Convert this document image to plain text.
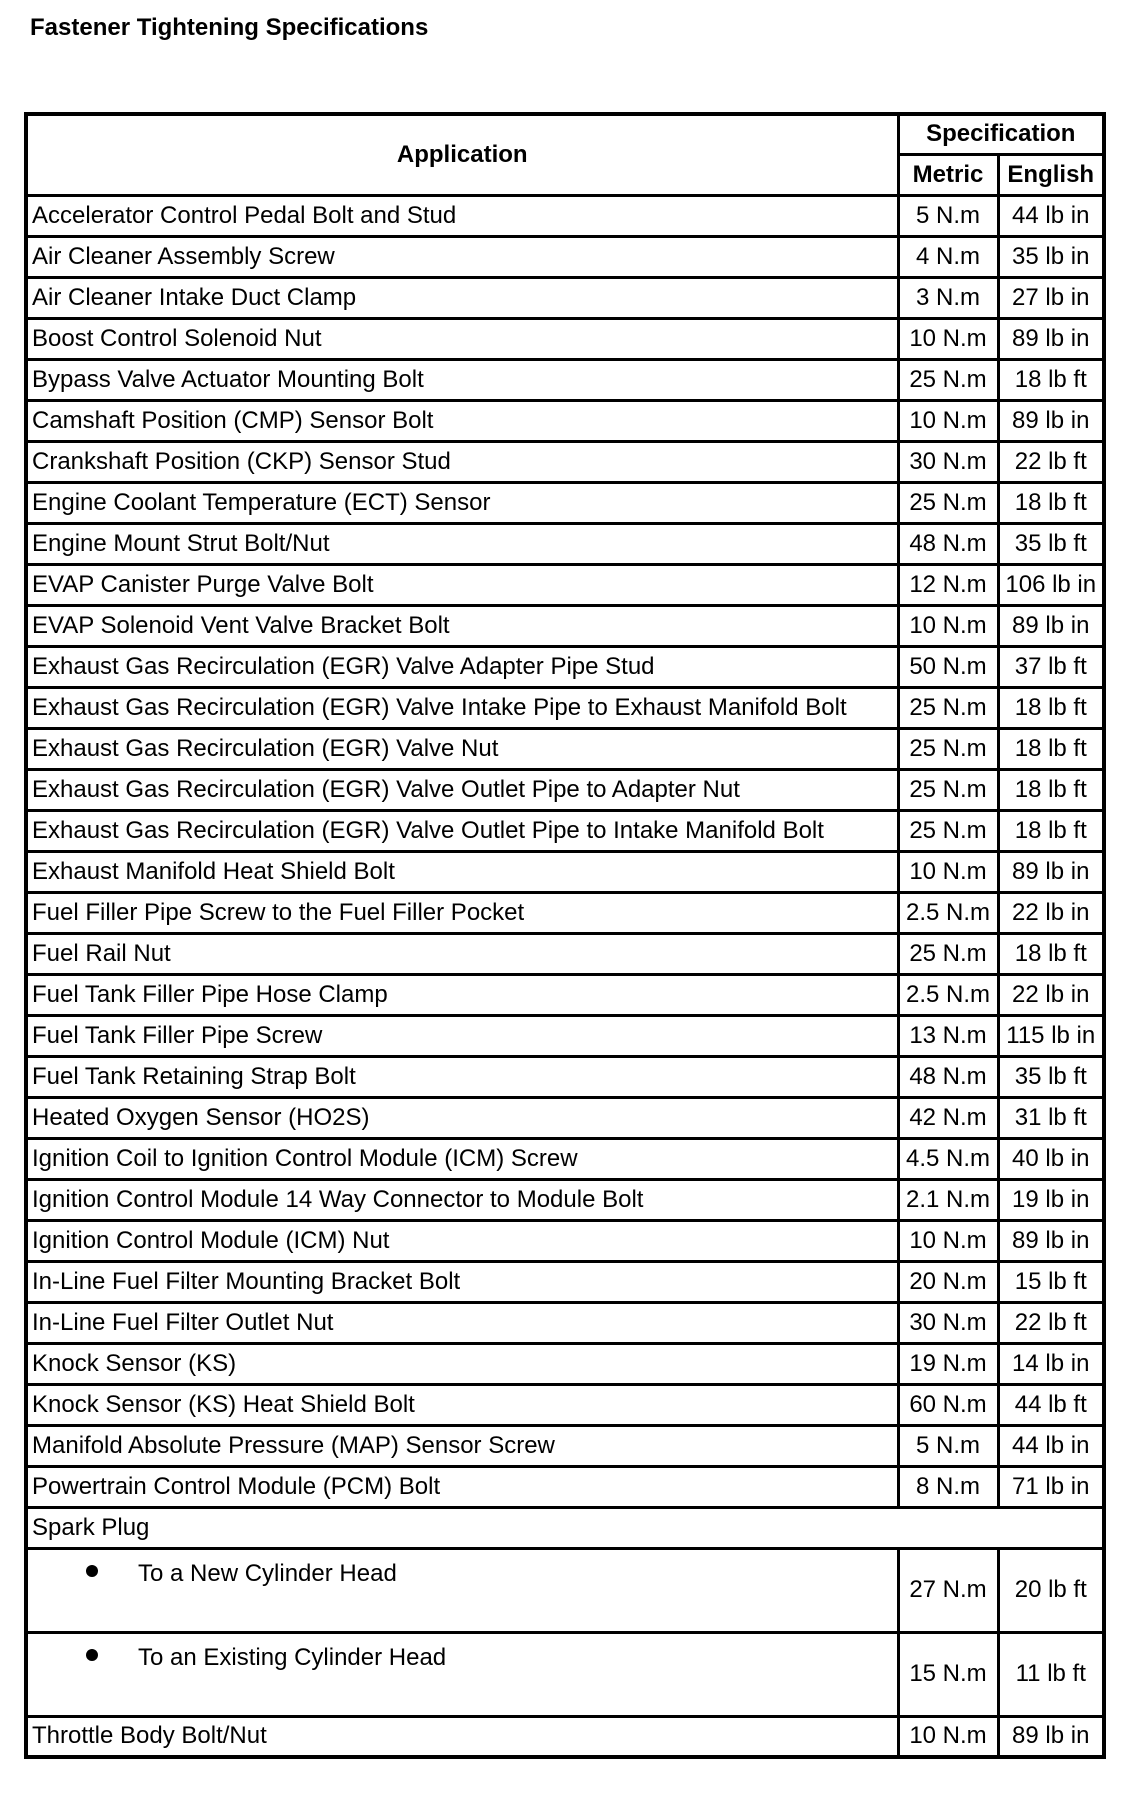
Fastener Tightening Specifications
Application	Specification	
	Metric	English
Accelerator Control Pedal Bolt and Stud	5 N.m	44 lb in
Air Cleaner Assembly Screw	4 N.m	35 lb in
Air Cleaner Intake Duct Clamp	3 N.m	27 lb in
Boost Control Solenoid Nut	10 N.m	89 lb in
Bypass Valve Actuator Mounting Bolt	25 N.m	18 lb ft
Camshaft Position (CMP) Sensor Bolt	10 N.m	89 lb in
Crankshaft Position (CKP) Sensor Stud	30 N.m	22 lb ft
Engine Coolant Temperature (ECT) Sensor	25 N.m	18 lb ft
Engine Mount Strut Bolt/Nut	48 N.m	35 lb ft
EVAP Canister Purge Valve Bolt	12 N.m	106 lb in
EVAP Solenoid Vent Valve Bracket Bolt	10 N.m	89 lb in
Exhaust Gas Recirculation (EGR) Valve Adapter Pipe Stud	50 N.m	37 lb ft
Exhaust Gas Recirculation (EGR) Valve Intake Pipe to Exhaust Manifold Bolt	25 N.m	18 lb ft
Exhaust Gas Recirculation (EGR) Valve Nut	25 N.m	18 lb ft
Exhaust Gas Recirculation (EGR) Valve Outlet Pipe to Adapter Nut	25 N.m	18 lb ft
Exhaust Gas Recirculation (EGR) Valve Outlet Pipe to Intake Manifold Bolt	25 N.m	18 lb ft
Exhaust Manifold Heat Shield Bolt	10 N.m	89 lb in
Fuel Filler Pipe Screw to the Fuel Filler Pocket	2.5 N.m	22 lb in
Fuel Rail Nut	25 N.m	18 lb ft
Fuel Tank Filler Pipe Hose Clamp	2.5 N.m	22 lb in
Fuel Tank Filler Pipe Screw	13 N.m	115 lb in
Fuel Tank Retaining Strap Bolt	48 N.m	35 lb ft
Heated Oxygen Sensor (HO2S)	42 N.m	31 lb ft
Ignition Coil to Ignition Control Module (ICM) Screw	4.5 N.m	40 lb in
Ignition Control Module 14 Way Connector to Module Bolt	2.1 N.m	19 lb in
Ignition Control Module (ICM) Nut	10 N.m	89 lb in
In-Line Fuel Filter Mounting Bracket Bolt	20 N.m	15 lb ft
In-Line Fuel Filter Outlet Nut	30 N.m	22 lb ft
Knock Sensor (KS)	19 N.m	14 lb in
Knock Sensor (KS) Heat Shield Bolt	60 N.m	44 lb ft
Manifold Absolute Pressure (MAP) Sensor Screw	5 N.m	44 lb in
Powertrain Control Module (PCM) Bolt	8 N.m	71 lb in
Spark Plug		
To a New Cylinder Head	27 N.m	20 lb ft
To an Existing Cylinder Head	15 N.m	11 lb ft
Throttle Body Bolt/Nut	10 N.m	89 lb in
